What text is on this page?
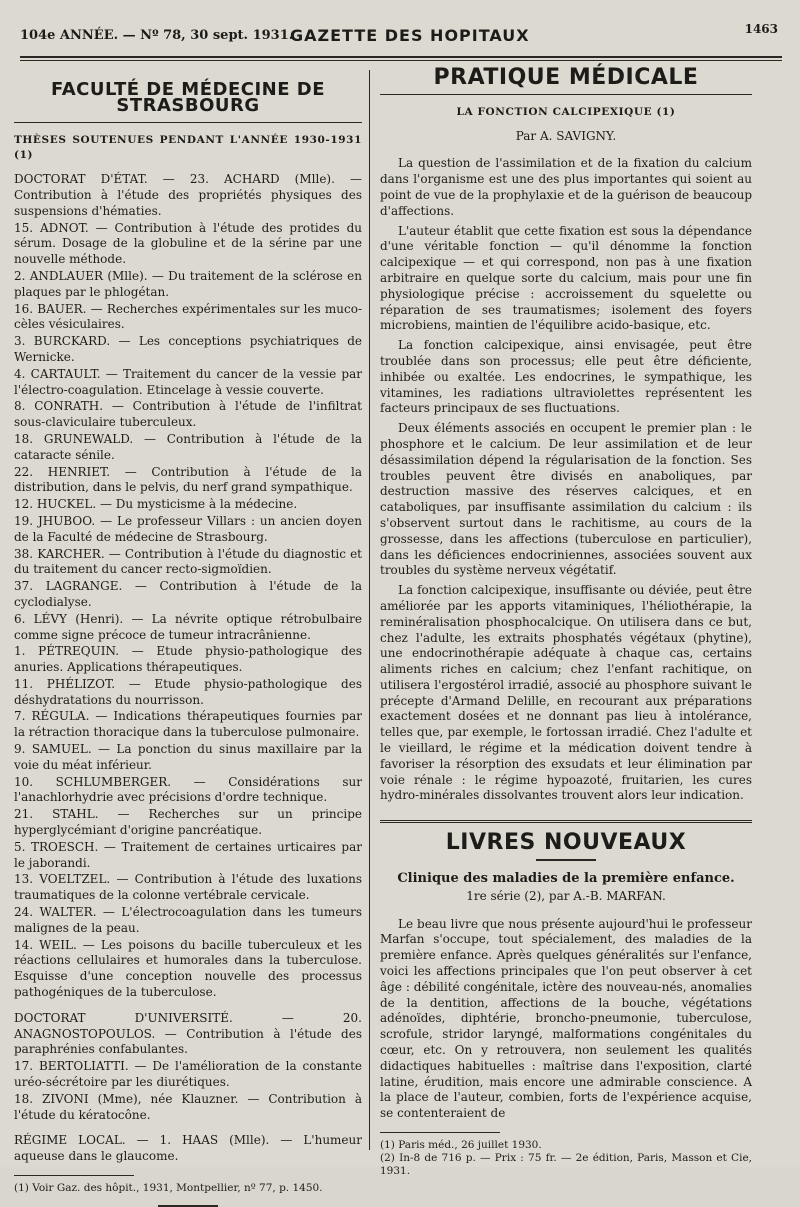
104e ANNÉE. — Nº 78, 30 sept. 1931.
GAZETTE DES HOPITAUX	1463
FACULTÉ DE MÉDECINE DE STRASBOURG
THÈSES SOUTENUES PENDANT L'ANNÉE 1930-1931 (1)
DOCTORAT D'ÉTAT. — 23. ACHARD (Mlle). — Contribution à l'étude des propriétés physiques des suspensions d'hématies.
15. ADNOT. — Contribution à l'étude des protides du sérum. Dosage de la globuline et de la sérine par une nouvelle méthode.
2. ANDLAUER (Mlle). — Du traitement de la sclérose en plaques par le phlogétan.
16. BAUER. — Recherches expérimentales sur les muco-cèles vésiculaires.
3. BURCKARD. — Les conceptions psychiatriques de Wernicke.
4. CARTAULT. — Traitement du cancer de la vessie par l'électro-coagulation. Etincelage à vessie couverte.
8. CONRATH. — Contribution à l'étude de l'infiltrat sous-claviculaire tuberculeux.
18. GRUNEWALD. — Contribution à l'étude de la cataracte sénile.
22. HENRIET. — Contribution à l'étude de la distribution, dans le pelvis, du nerf grand sympathique.
12. HUCKEL. — Du mysticisme à la médecine.
19. JHUBOO. — Le professeur Villars : un ancien doyen de la Faculté de médecine de Strasbourg.
38. KARCHER. — Contribution à l'étude du diagnostic et du traitement du cancer recto-sigmoïdien.
37. LAGRANGE. — Contribution à l'étude de la cyclodialyse.
6. LÉVY (Henri). — La névrite optique rétrobulbaire comme signe précoce de tumeur intracrânienne.
1. PÉTREQUIN. — Etude physio-pathologique des anuries. Applications thérapeutiques.
11. PHÉLIZOT. — Etude physio-pathologique des déshydratations du nourrisson.
7. RÉGULA. — Indications thérapeutiques fournies par la rétraction thoracique dans la tuberculose pulmonaire.
9. SAMUEL. — La ponction du sinus maxillaire par la voie du méat inférieur.
10. SCHLUMBERGER. — Considérations sur l'anachlorhydrie avec précisions d'ordre technique.
21. STAHL. — Recherches sur un principe hyperglycémiant d'origine pancréatique.
5. TROESCH. — Traitement de certaines urticaires par le jaborandi.
13. VOELTZEL. — Contribution à l'étude des luxations traumatiques de la colonne vertébrale cervicale.
24. WALTER. — L'électrocoagulation dans les tumeurs malignes de la peau.
14. WEIL. — Les poisons du bacille tuberculeux et les réactions cellulaires et humorales dans la tuberculose. Esquisse d'une conception nouvelle des processus pathogéniques de la tuberculose.
DOCTORAT D'UNIVERSITÉ. — 20. ANAGNOSTOPOULOS. — Contribution à l'étude des paraphrénies confabulantes.
17. BERTOLIATTI. — De l'amélioration de la constante uréo-sécrétoire par les diurétiques.
18. ZIVONI (Mme), née Klauzner. — Contribution à l'étude du kératocône.
RÉGIME LOCAL. — 1. HAAS (Mlle). — L'humeur aqueuse dans le glaucome.
(1) Voir Gaz. des hôpit., 1931, Montpellier, nº 77, p. 1450.
PRATIQUE MÉDICALE
LA FONCTION CALCIPEXIQUE (1)
Par A. SAVIGNY.

La question de l'assimilation et de la fixation du calcium dans l'organisme est une des plus importantes qui soient au point de vue de la prophylaxie et de la guérison de beaucoup d'affections.

L'auteur établit que cette fixation est sous la dépendance d'une véritable fonction — qu'il dénomme la fonction calcipexique — et qui correspond, non pas à une fixation arbitraire en quelque sorte du calcium, mais pour une fin physiologique précise : accroissement du squelette ou réparation de ses traumatismes; isolement des foyers microbiens, maintien de l'équilibre acido-basique, etc.

La fonction calcipexique, ainsi envisagée, peut être troublée dans son processus; elle peut être déficiente, inhibée ou exaltée. Les endocrines, le sympathique, les vitamines, les radiations ultraviolettes représentent les facteurs principaux de ses fluctuations.

Deux éléments associés en occupent le premier plan : le phosphore et le calcium. De leur assimilation et de leur désassimilation dépend la régularisation de la fonction. Ses troubles peuvent être divisés en anaboliques, par destruction massive des réserves calciques, et en cataboliques, par insuffisante assimilation du calcium : ils s'observent surtout dans le rachitisme, au cours de la grossesse, dans les affections (tuberculose en particulier), dans les déficiences endocriniennes, associées souvent aux troubles du système nerveux végétatif.

La fonction calcipexique, insuffisante ou déviée, peut être améliorée par les apports vitaminiques, l'héliothérapie, la reminéralisation phosphocalcique. On utilisera dans ce but, chez l'adulte, les extraits phosphatés végétaux (phytine), une endocrinothérapie adéquate à chaque cas, certains aliments riches en calcium; chez l'enfant rachitique, on utilisera l'ergostérol irradié, associé au phosphore suivant le précepte d'Armand Delille, en recourant aux préparations exactement dosées et ne donnant pas lieu à intolérance, telles que, par exemple, le fortossan irradié. Chez l'adulte et le vieillard, le régime et la médication doivent tendre à favoriser la résorption des exsudats et leur élimination par voie rénale : le régime hypoazoté, fruitarien, les cures hydro-minérales dissolvantes trouvent alors leur indication.

LIVRES NOUVEAUX
Clinique des maladies de la première enfance.
1re série (2), par A.-B. MARFAN.

Le beau livre que nous présente aujourd'hui le professeur Marfan s'occupe, tout spécialement, des maladies de la première enfance. Après quelques généralités sur l'enfance, voici les affections principales que l'on peut observer à cet âge : débilité congénitale, ictère des nouveau-nés, anomalies de la dentition, affections de la bouche, végétations adénoïdes, diphtérie, broncho-pneumonie, tuberculose, scrofule, stridor laryngé, malformations congénitales du cœur, etc. On y retrouvera, non seulement les qualités didactiques habituelles : maîtrise dans l'exposition, clarté latine, érudition, mais encore une admirable conscience. A la place de l'auteur, combien, forts de l'expérience acquise, se contenteraient de

(1) Paris méd., 26 juillet 1930.
(2) In-8 de 716 p. — Prix : 75 fr. — 2e édition, Paris, Masson et Cie, 1931.
